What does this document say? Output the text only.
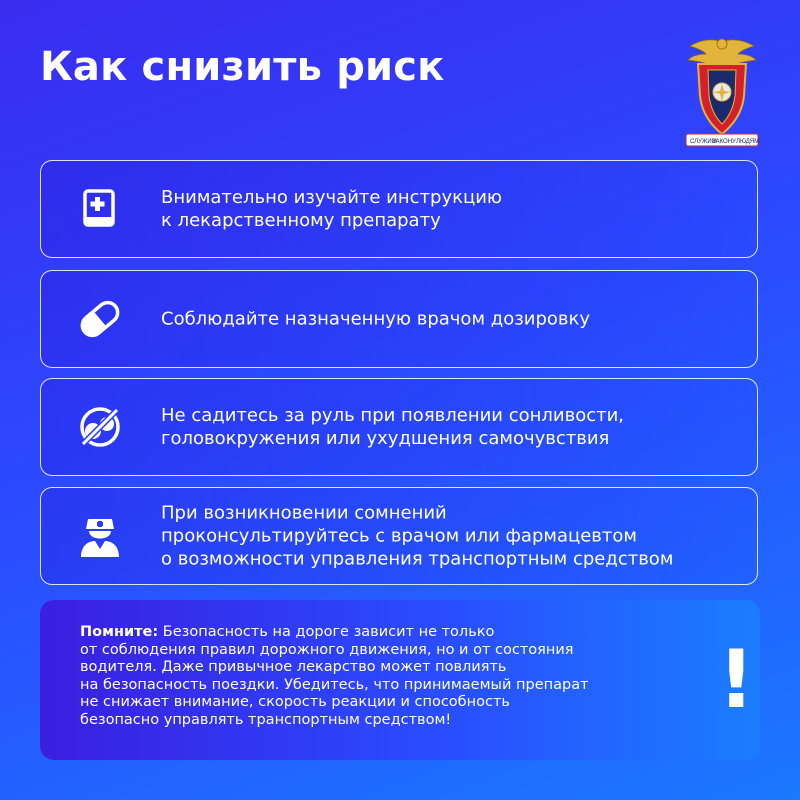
Как снизить риск
СЛУЖИМ
ЗАКОНУ ЛЮДЯМ
Внимательно изучайте инструкцию
к лекарственному препарату
Соблюдайте назначенную врачом дозировку
Не садитесь за руль при появлении сонливости,
головокружения или ухудшения самочувствия
При возникновении сомнений
проконсультируйтесь с врачом или фармацевтом
о возможности управления транспортным средством
Помните: Безопасность на дороге зависит не только
от соблюдения правил дорожного движения, но и от состояния
водителя. Даже привычное лекарство может повлиять
на безопасность поездки. Убедитесь, что принимаемый препарат
не снижает внимание, скорость реакции и способность
безопасно управлять транспортным средством!	!
